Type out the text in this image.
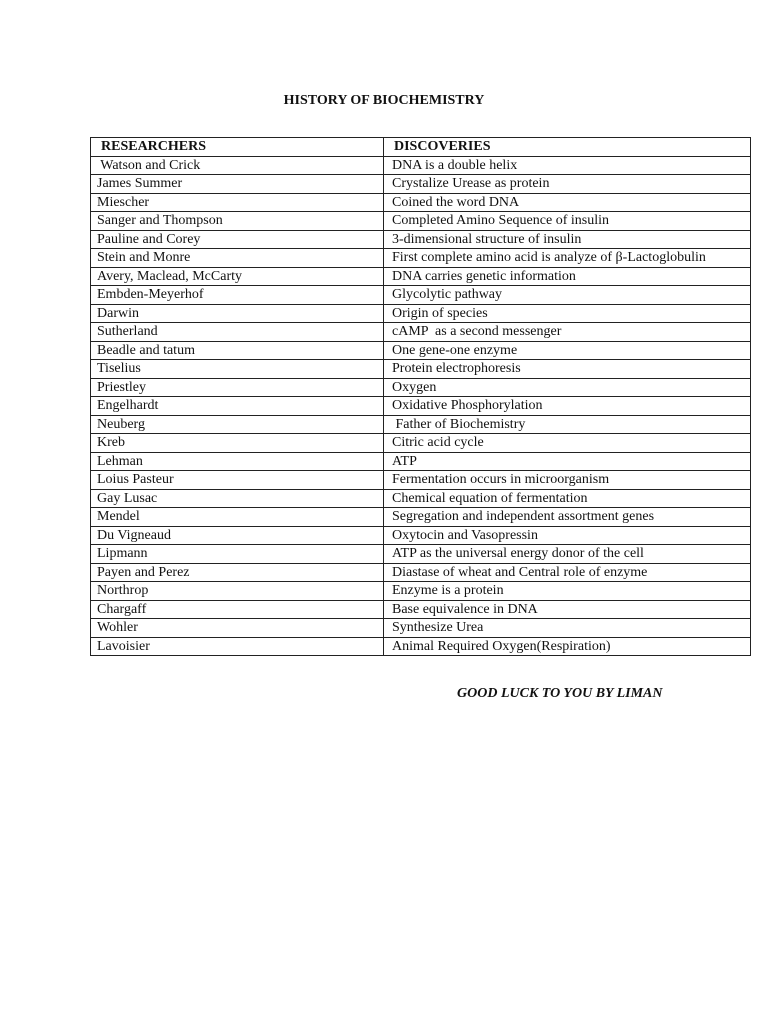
HISTORY OF BIOCHEMISTRY
RESEARCHERS	DISCOVERIES
Watson and Crick	DNA is a double helix
James Summer	Crystalize Urease as protein
Miescher	Coined the word DNA
Sanger and Thompson	Completed Amino Sequence of insulin
Pauline and Corey	3-dimensional structure of insulin
Stein and Monre	First complete amino acid is analyze of β-Lactoglobulin
Avery, Maclead, McCarty	DNA carries genetic information
Embden-Meyerhof	Glycolytic pathway
Darwin	Origin of species
Sutherland	cAMP  as a second messenger
Beadle and tatum	One gene-one enzyme
Tiselius	Protein electrophoresis
Priestley	Oxygen
Engelhardt	Oxidative Phosphorylation
Neuberg	Father of Biochemistry
Kreb	Citric acid cycle
Lehman	ATP
Loius Pasteur	Fermentation occurs in microorganism
Gay Lusac	Chemical equation of fermentation
Mendel	Segregation and independent assortment genes
Du Vigneaud	Oxytocin and Vasopressin
Lipmann	ATP as the universal energy donor of the cell
Payen and Perez	Diastase of wheat and Central role of enzyme
Northrop	Enzyme is a protein
Chargaff	Base equivalence in DNA
Wohler	Synthesize Urea
Lavoisier	Animal Required Oxygen(Respiration)
GOOD LUCK TO YOU BY LIMAN
